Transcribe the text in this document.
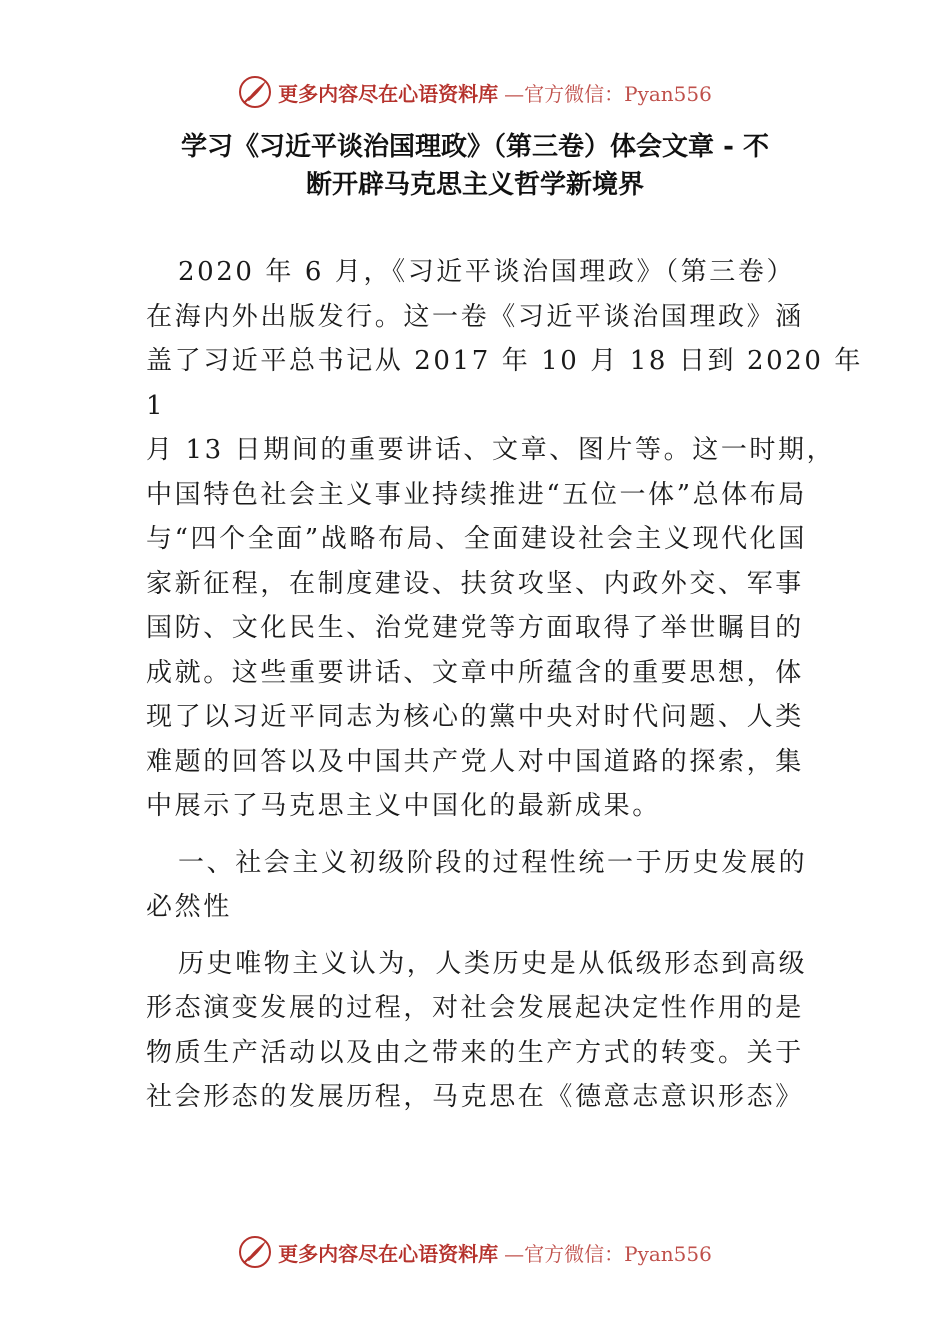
更多内容尽在心语资料库 —官方微信：Pyan556
学习《习近平谈治国理政》（第三卷）体会文章 - 不
断开辟马克思主义哲学新境界
2020 年 6 月，《习近平谈治国理政》（第三卷）
在海内外出版发行。这一卷《习近平谈治国理政》涵
盖了习近平总书记从 2017 年 10 月 18 日到 2020 年
1
月 13 日期间的重要讲话、文章、图片等。这一时期，
中国特色社会主义事业持续推进“五位一体”总体布局
与“四个全面”战略布局、全面建设社会主义现代化国
家新征程，在制度建设、扶贫攻坚、内政外交、军事
国防、文化民生、治党建党等方面取得了举世瞩目的
成就。这些重要讲话、文章中所蕴含的重要思想，体
现了以习近平同志为核心的黨中央对时代问题、人类
难题的回答以及中国共产党人对中国道路的探索，集
中展示了马克思主义中国化的最新成果。
一、社会主义初级阶段的过程性统一于历史发展的
必然性
历史唯物主义认为，人类历史是从低级形态到高级
形态演变发展的过程，对社会发展起决定性作用的是
物质生产活动以及由之带来的生产方式的转变。关于
社会形态的发展历程，马克思在《德意志意识形态》
更多内容尽在心语资料库 —官方微信：Pyan556
